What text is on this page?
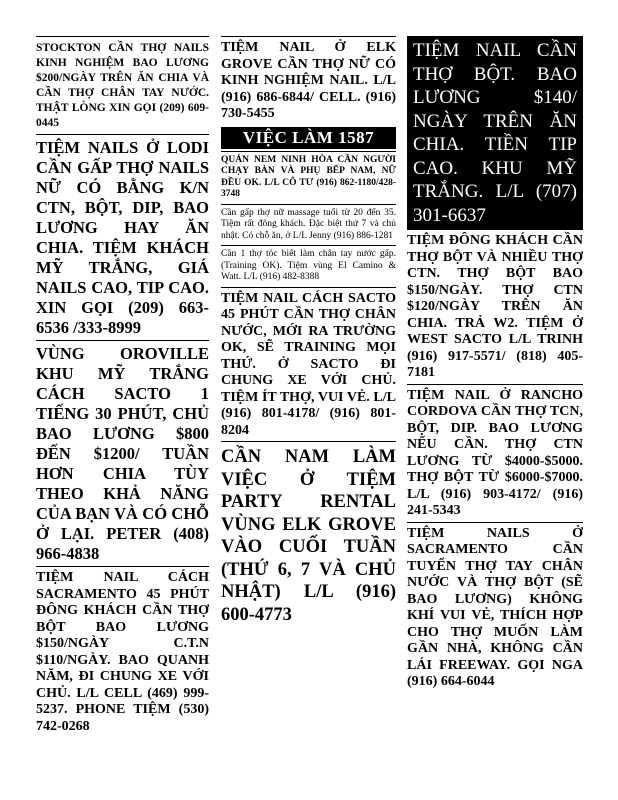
STOCKTON CẦN THỢ NAILS KINH NGHIỆM BAO LƯƠNG $200/NGÀY TRÊN ĂN CHIA VÀ CẦN THỢ CHÂN TAY NƯỚC. THẬT LÒNG XIN GỌI (209) 609-0445

TIỆM NAILS Ở LODI CẦN GẤP THỢ NAILS NỮ CÓ BẰNG K/N CTN, BỘT, DIP, BAO LƯƠNG HAY ĂN CHIA. TIỆM KHÁCH MỸ TRẮNG, GIÁ NAILS CAO, TIP CAO. XIN GỌI (209) 663-6536 /333-8999

VÙNG OROVILLE KHU MỸ TRẮNG CÁCH SACTO 1 TIẾNG 30 PHÚT, CHỦ BAO LƯƠNG $800 ĐẾN $1200/ TUẦN HƠN CHIA TÙY THEO KHẢ NĂNG CỦA BẠN VÀ CÓ CHỖ Ở LẠI. PETER (408) 966-4838

TIỆM NAIL CÁCH SACRAMENTO 45 PHÚT ĐÔNG KHÁCH CẦN THỢ BỘT BAO LƯƠNG $150/NGÀY C.T.N $110/NGÀY. BAO QUANH NĂM, ĐI CHUNG XE VỚI CHỦ. L/L CELL (469) 999-5237. PHONE TIỆM (530) 742-0268

TIỆM NAIL Ở ELK GROVE CẦN THỢ NỮ CÓ KINH NGHIỆM NAIL. L/L (916) 686-6844/ CELL. (916) 730-5455

VIỆC LÀM 1587

QUÁN NEM NINH HÒA CẦN NGƯỜI CHẠY BÀN VÀ PHỤ BẾP NAM, NỮ ĐỀU OK. L/L CÔ TƯ (916) 862-1180/428-3748

Cần gấp thợ nữ massage tuổi từ 20 đến 35. Tiệm rất đông khách. Đặc biệt thứ 7 và chủ nhật. Có chỗ ăn, ở L/L Jenny (916) 886-1281

Cần 1 thợ tóc biết làm chân tay nước gấp. (Training OK). Tiệm vùng El Camino & Watt. L/L (916) 482-8388

TIỆM NAIL CÁCH SACTO 45 PHÚT CẦN THỢ CHÂN NƯỚC, MỚI RA TRƯỜNG OK, SẼ TRAINING MỌI THỨ. Ở SACTO ĐI CHUNG XE VỚI CHỦ. TIỆM ÍT THỢ, VUI VẺ. L/L (916) 801-4178/ (916) 801-8204

CẦN NAM LÀM VIỆC Ở TIỆM PARTY RENTAL VÙNG ELK GROVE VÀO CUỐI TUẦN (THỨ 6, 7 VÀ CHỦ NHẬT) L/L (916) 600-4773

TIỆM NAIL CẦN THỢ BỘT. BAO LƯƠNG $140/ NGÀY TRÊN ĂN CHIA. TIỀN TIP CAO. KHU MỸ TRẮNG. L/L (707) 301-6637

TIỆM ĐÔNG KHÁCH CẦN THỢ BỘT VÀ NHIỀU THỢ CTN. THỢ BỘT BAO $150/NGÀY. THỢ CTN $120/NGÀY TRÊN ĂN CHIA. TRẢ W2. TIỆM Ở WEST SACTO L/L TRINH (916) 917-5571/ (818) 405-7181

TIỆM NAIL Ở RANCHO CORDOVA CẦN THỢ TCN, BỘT, DIP. BAO LƯƠNG NẾU CẦN. THỢ CTN LƯƠNG TỪ $4000-$5000. THỢ BỘT TỪ $6000-$7000. L/L (916) 903-4172/ (916) 241-5343

TIỆM NAILS Ở SACRAMENTO CẦN TUYỂN THỢ TAY CHÂN NƯỚC VÀ THỢ BỘT (SẼ BAO LƯƠNG) KHÔNG KHÍ VUI VẺ, THÍCH HỢP CHO THỢ MUỐN LÀM GẦN NHÀ, KHÔNG CẦN LÁI FREEWAY. GỌI NGA (916) 664-6044
